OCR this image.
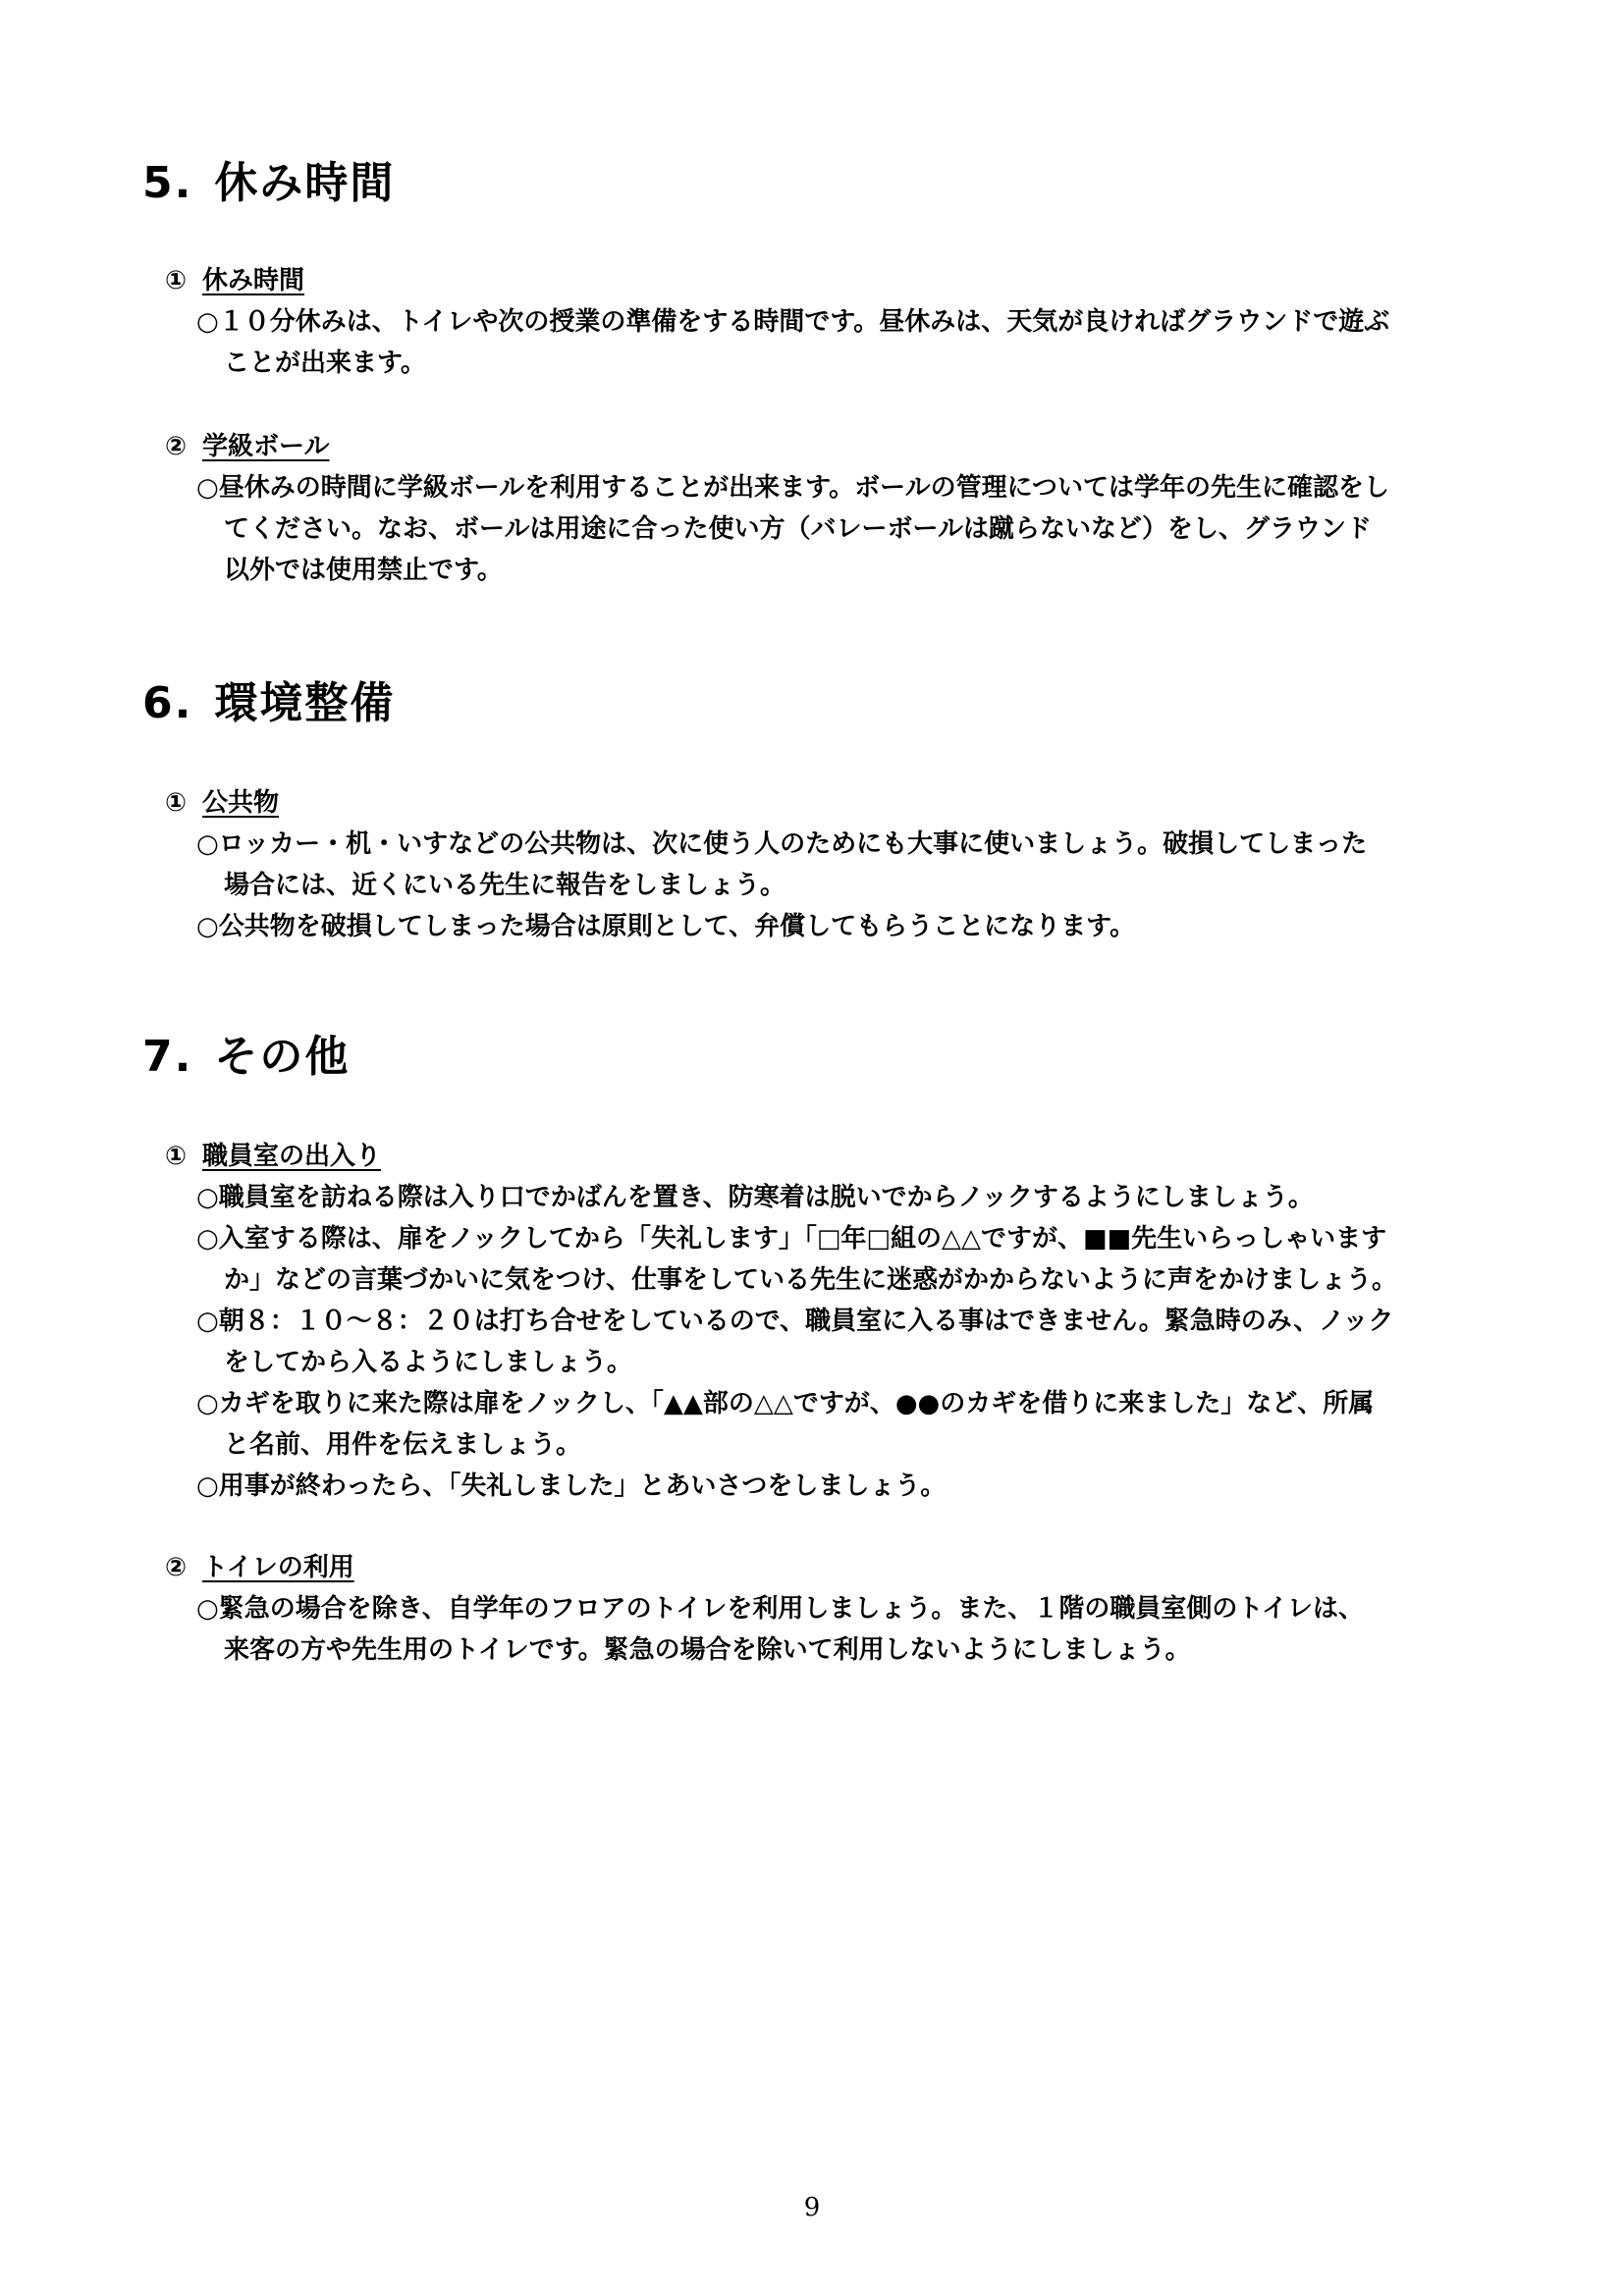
5. 休み時間
① 休み時間
○１０分休みは、トイレや次の授業の準備をする時間です。昼休みは、天気が良ければグラウンドで遊ぶ
ことが出来ます。
② 学級ボール
○昼休みの時間に学級ボールを利用することが出来ます。ボールの管理については学年の先生に確認をし
てください。なお、ボールは用途に合った使い方（バレーボールは蹴らないなど）をし、グラウンド
以外では使用禁止です。
6. 環境整備
① 公共物
○ロッカー・机・いすなどの公共物は、次に使う人のためにも大事に使いましょう。破損してしまった
場合には、近くにいる先生に報告をしましょう。
○公共物を破損してしまった場合は原則として、弁償してもらうことになります。
7. その他
① 職員室の出入り
○職員室を訪ねる際は入り口でかばんを置き、防寒着は脱いでからノックするようにしましょう。
○入室する際は、扉をノックしてから「失礼します」「□年□組の△△ですが、■■先生いらっしゃいます
か」などの言葉づかいに気をつけ、仕事をしている先生に迷惑がかからないように声をかけましょう。
○朝８：１０～８：２０は打ち合せをしているので、職員室に入る事はできません。緊急時のみ、ノック
をしてから入るようにしましょう。
○カギを取りに来た際は扉をノックし、「▲▲部の△△ですが、●●のカギを借りに来ました」など、所属
と名前、用件を伝えましょう。
○用事が終わったら、「失礼しました」とあいさつをしましょう。
② トイレの利用
○緊急の場合を除き、自学年のフロアのトイレを利用しましょう。また、１階の職員室側のトイレは、
来客の方や先生用のトイレです。緊急の場合を除いて利用しないようにしましょう。
9
